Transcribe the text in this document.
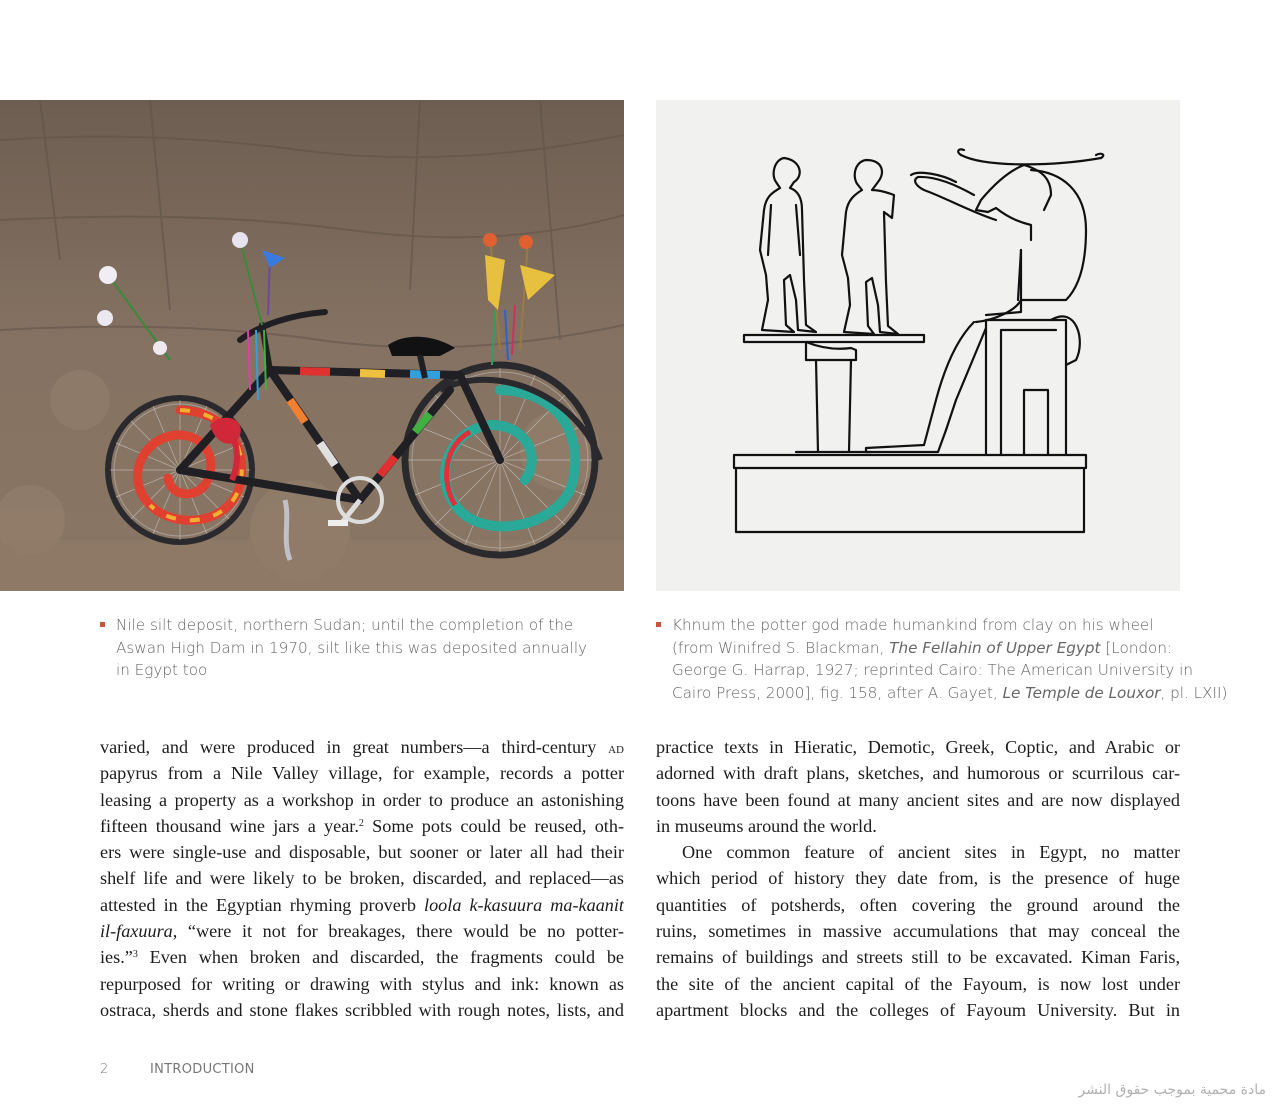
Nile silt deposit, northern Sudan; until the completion of the
Aswan High Dam in 1970, silt like this was deposited annually
in Egypt too
Khnum the potter god made humankind from clay on his wheel
(from Winifred S. Blackman, The Fellahin of Upper Egypt [London:
George G. Harrap, 1927; reprinted Cairo: The American University in
Cairo Press, 2000], fig. 158, after A. Gayet, Le Temple de Louxor, pl. LXII)
varied, and were produced in great numbers—a third-century ad
papyrus from a Nile Valley village, for example, records a potter
leasing a property as a workshop in order to produce an astonishing
fifteen thousand wine jars a year.$^2$ Some pots could be reused, oth-
ers were single-use and disposable, but sooner or later all had their
shelf life and were likely to be broken, discarded, and replaced—as
attested in the Egyptian rhyming proverb loola k-kasuura ma-kaanit
il-faxuura, “were it not for breakages, there would be no potter-
ies.”$^3$ Even when broken and discarded, the fragments could be
repurposed for writing or drawing with stylus and ink: known as
ostraca, sherds and stone flakes scribbled with rough notes, lists, and
practice texts in Hieratic, Demotic, Greek, Coptic, and Arabic or
adorned with draft plans, sketches, and humorous or scurrilous car-
toons have been found at many ancient sites and are now displayed
in museums around the world.
One common feature of ancient sites in Egypt, no matter
which period of history they date from, is the presence of huge
quantities of potsherds, often covering the ground around the
ruins, sometimes in massive accumulations that may conceal the
remains of buildings and streets still to be excavated. Kiman Faris,
the site of the ancient capital of the Fayoum, is now lost under
apartment blocks and the colleges of Fayoum University. But in
2	INTRODUCTION
مادة محمية بموجب حقوق النشر
